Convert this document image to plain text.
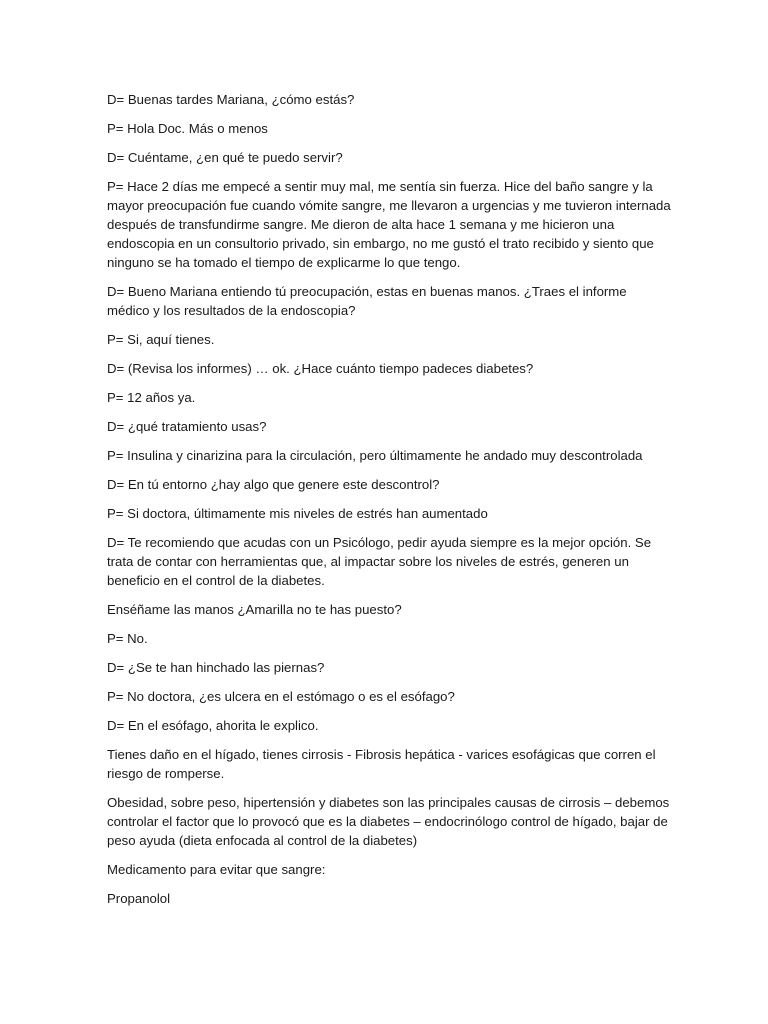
D= Buenas tardes Mariana, ¿cómo estás?

P= Hola Doc. Más o menos

D= Cuéntame, ¿en qué te puedo servir?

P= Hace 2 días me empecé a sentir muy mal, me sentía sin fuerza. Hice del baño sangre y la mayor preocupación fue cuando vómite sangre, me llevaron a urgencias y me tuvieron internada después de transfundirme sangre. Me dieron de alta hace 1 semana y me hicieron una endoscopia en un consultorio privado, sin embargo, no me gustó el trato recibido y siento que ninguno se ha tomado el tiempo de explicarme lo que tengo.

D= Bueno Mariana entiendo tú preocupación, estas en buenas manos. ¿Traes el informe médico y los resultados de la endoscopia?

P= Si, aquí tienes.

D= (Revisa los informes) … ok. ¿Hace cuánto tiempo padeces diabetes?

P= 12 años ya.

D= ¿qué tratamiento usas?

P= Insulina y cinarizina para la circulación, pero últimamente he andado muy descontrolada

D= En tú entorno ¿hay algo que genere este descontrol?

P= Si doctora, últimamente mis niveles de estrés han aumentado

D= Te recomiendo que acudas con un Psicólogo, pedir ayuda siempre es la mejor opción. Se trata de contar con herramientas que, al impactar sobre los niveles de estrés, generen un beneficio en el control de la diabetes.

Enséñame las manos ¿Amarilla no te has puesto?

P= No.

D= ¿Se te han hinchado las piernas?

P= No doctora, ¿es ulcera en el estómago o es el esófago?

D= En el esófago, ahorita le explico.

Tienes daño en el hígado, tienes cirrosis - Fibrosis hepática - varices esofágicas que corren el riesgo de romperse.

Obesidad, sobre peso, hipertensión y diabetes son las principales causas de cirrosis – debemos controlar el factor que lo provocó que es la diabetes – endocrinólogo control de hígado, bajar de peso ayuda (dieta enfocada al control de la diabetes)

Medicamento para evitar que sangre:

Propanolol
